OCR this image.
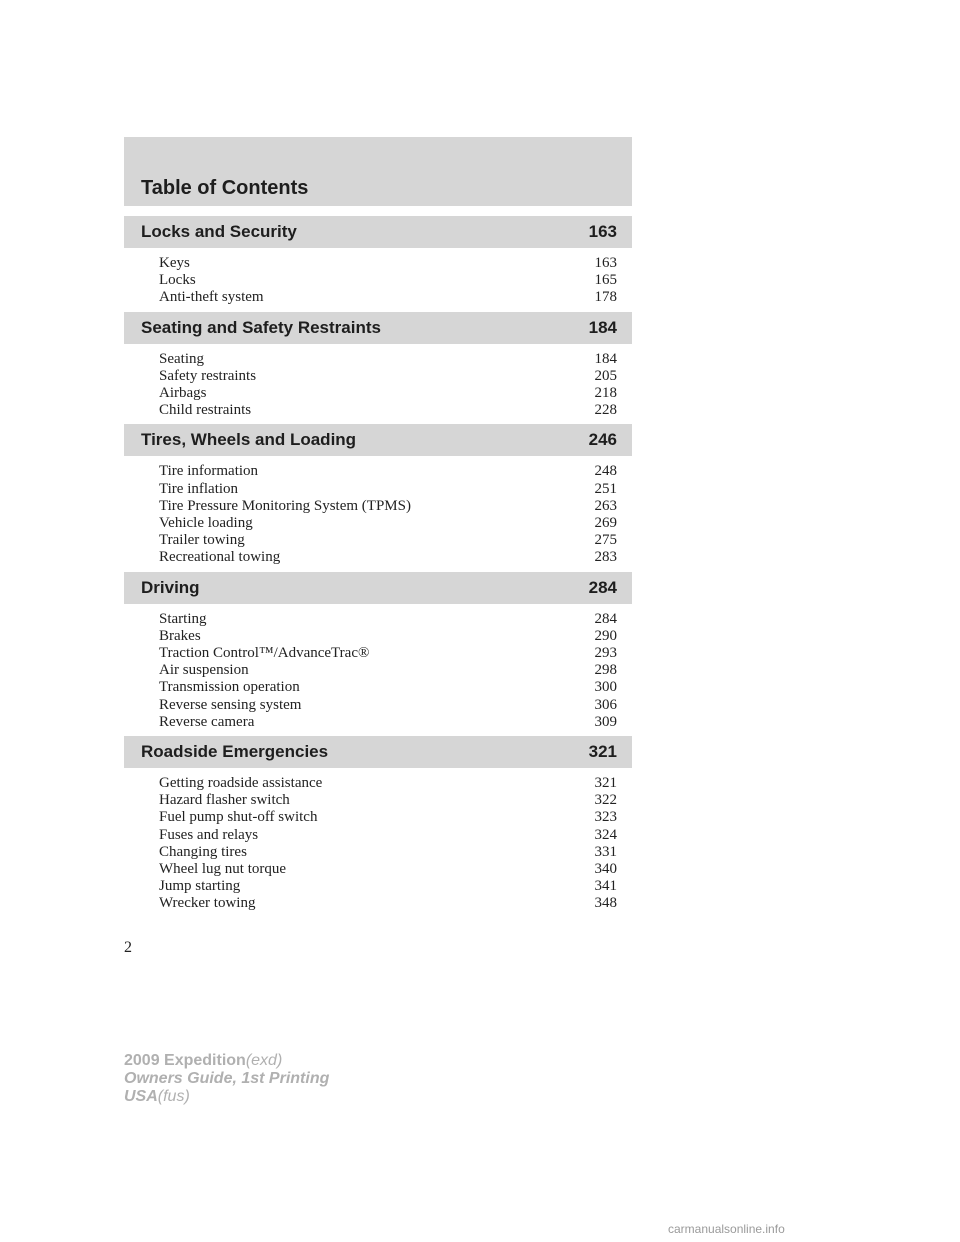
Table of Contents
Locks and Security	163
Keys	163
Locks	165
Anti-theft system	178
Seating and Safety Restraints	184
Seating	184
Safety restraints	205
Airbags	218
Child restraints	228
Tires, Wheels and Loading	246
Tire information	248
Tire inflation	251
Tire Pressure Monitoring System (TPMS)	263
Vehicle loading	269
Trailer towing	275
Recreational towing	283
Driving	284
Starting	284
Brakes	290
Traction Control™/AdvanceTrac®	293
Air suspension	298
Transmission operation	300
Reverse sensing system	306
Reverse camera	309
Roadside Emergencies	321
Getting roadside assistance	321
Hazard flasher switch	322
Fuel pump shut-off switch	323
Fuses and relays	324
Changing tires	331
Wheel lug nut torque	340
Jump starting	341
Wrecker towing	348
2
2009 Expedition(exd)
Owners Guide, 1st Printing
USA(fus)
carmanualsonline.info
